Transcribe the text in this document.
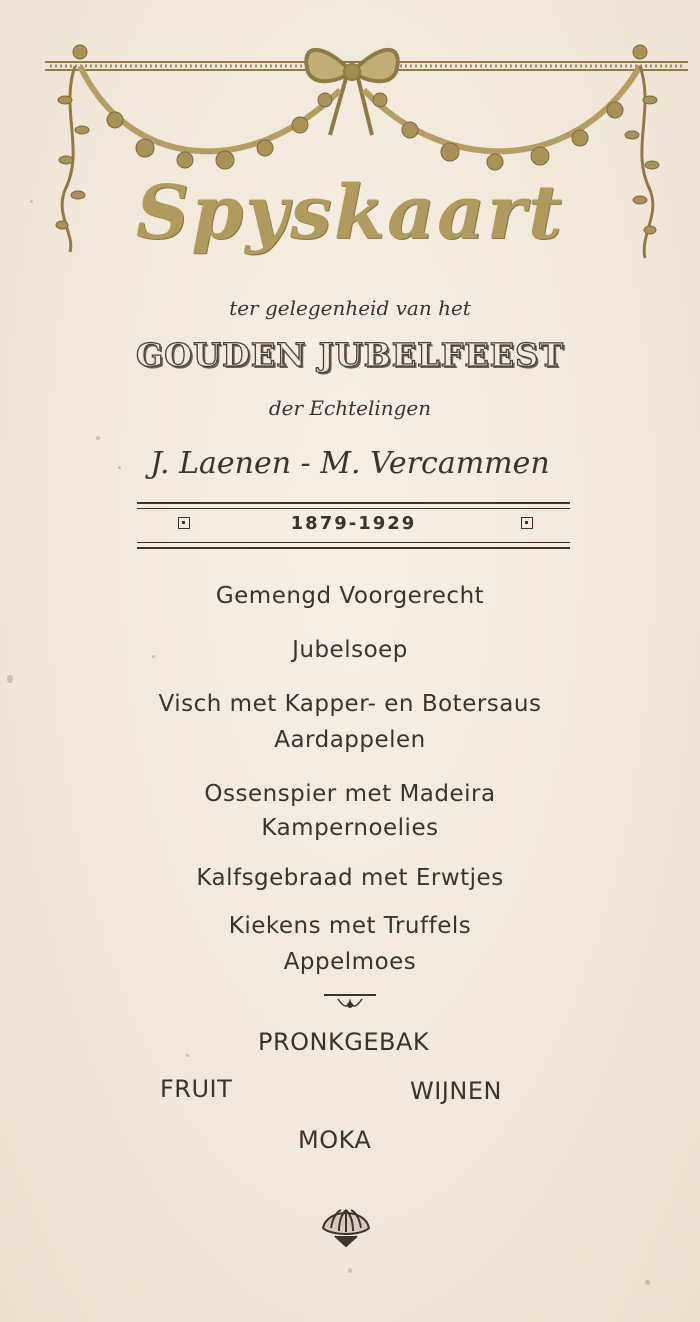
Spyskaart
ter gelegenheid van het
GOUDEN JUBELFEEST
der Echtelingen
J. Laenen - M. Vercammen
1879-1929
Gemengd Voorgerecht
Jubelsoep
Visch met Kapper- en Botersaus
Aardappelen
Ossenspier met Madeira
Kampernoelies
Kalfsgebraad met Erwtjes
Kiekens met Truffels
Appelmoes
PRONKGEBAK
FRUIT	WIJNEN
MOKA
